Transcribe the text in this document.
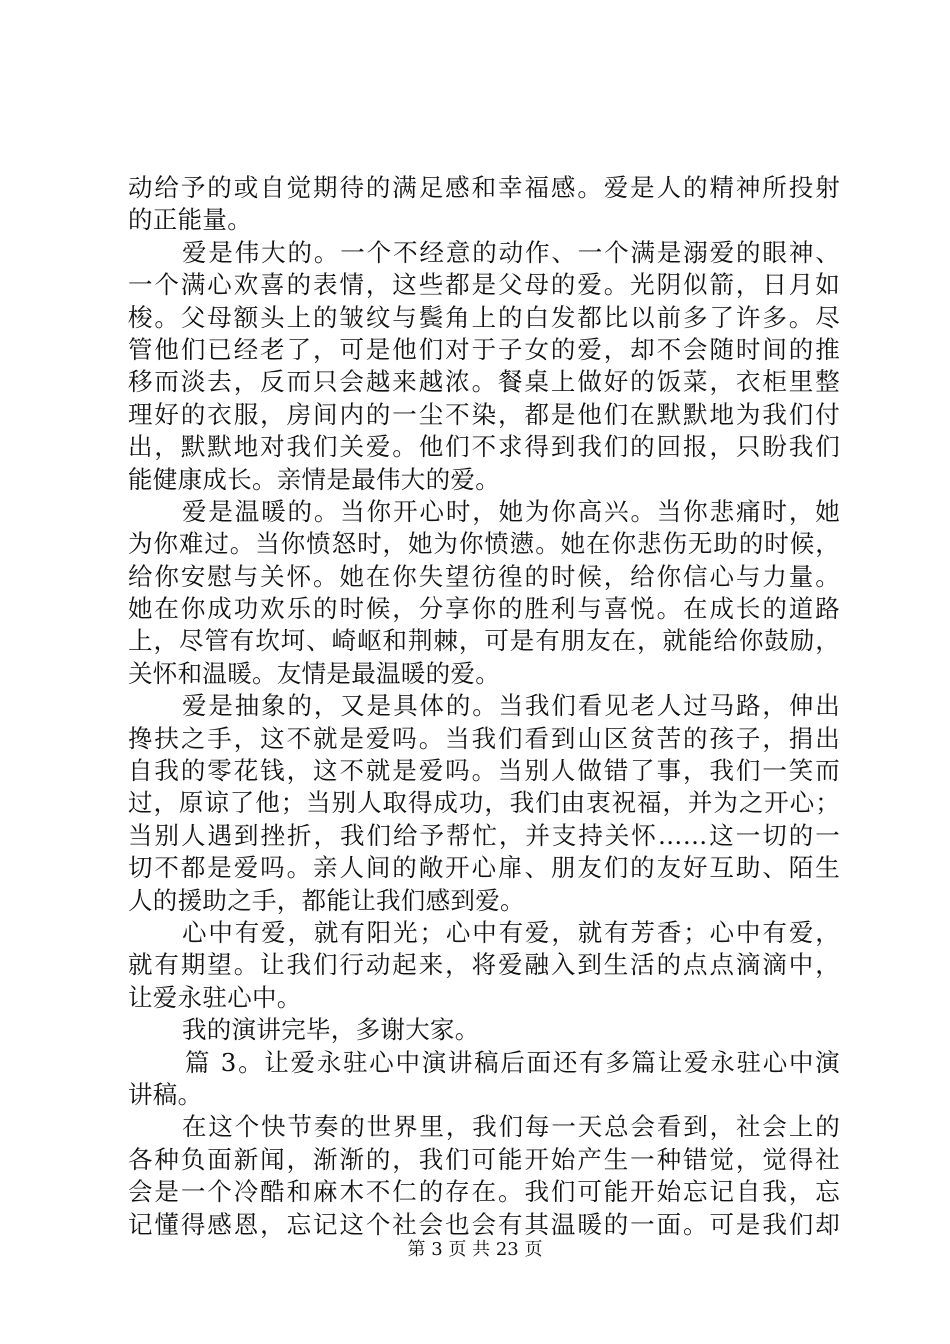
动给予的或自觉期待的满足感和幸福感。爱是人的精神所投射
的正能量。
爱是伟大的。一个不经意的动作、一个满是溺爱的眼神、
一个满心欢喜的表情，这些都是父母的爱。光阴似箭，日月如
梭。父母额头上的皱纹与鬓角上的白发都比以前多了许多。尽
管他们已经老了，可是他们对于子女的爱，却不会随时间的推
移而淡去，反而只会越来越浓。餐桌上做好的饭菜，衣柜里整
理好的衣服，房间内的一尘不染，都是他们在默默地为我们付
出，默默地对我们关爱。他们不求得到我们的回报，只盼我们
能健康成长。亲情是最伟大的爱。
爱是温暖的。当你开心时，她为你高兴。当你悲痛时，她
为你难过。当你愤怒时，她为你愤懑。她在你悲伤无助的时候，
给你安慰与关怀。她在你失望彷徨的时候，给你信心与力量。
她在你成功欢乐的时候，分享你的胜利与喜悦。在成长的道路
上，尽管有坎坷、崎岖和荆棘，可是有朋友在，就能给你鼓励，
关怀和温暖。友情是最温暖的爱。
爱是抽象的，又是具体的。当我们看见老人过马路，伸出
搀扶之手，这不就是爱吗。当我们看到山区贫苦的孩子，捐出
自我的零花钱，这不就是爱吗。当别人做错了事，我们一笑而
过，原谅了他；当别人取得成功，我们由衷祝福，并为之开心；
当别人遇到挫折，我们给予帮忙，并支持关怀……这一切的一
切不都是爱吗。亲人间的敞开心扉、朋友们的友好互助、陌生
人的援助之手，都能让我们感到爱。
心中有爱，就有阳光；心中有爱，就有芳香；心中有爱，
就有期望。让我们行动起来，将爱融入到生活的点点滴滴中，
让爱永驻心中。
我的演讲完毕，多谢大家。
篇 3。让爱永驻心中演讲稿后面还有多篇让爱永驻心中演
讲稿。
在这个快节奏的世界里，我们每一天总会看到，社会上的
各种负面新闻，渐渐的，我们可能开始产生一种错觉，觉得社
会是一个冷酷和麻木不仁的存在。我们可能开始忘记自我，忘
记懂得感恩，忘记这个社会也会有其温暖的一面。可是我们却
第 3 页 共 23 页
